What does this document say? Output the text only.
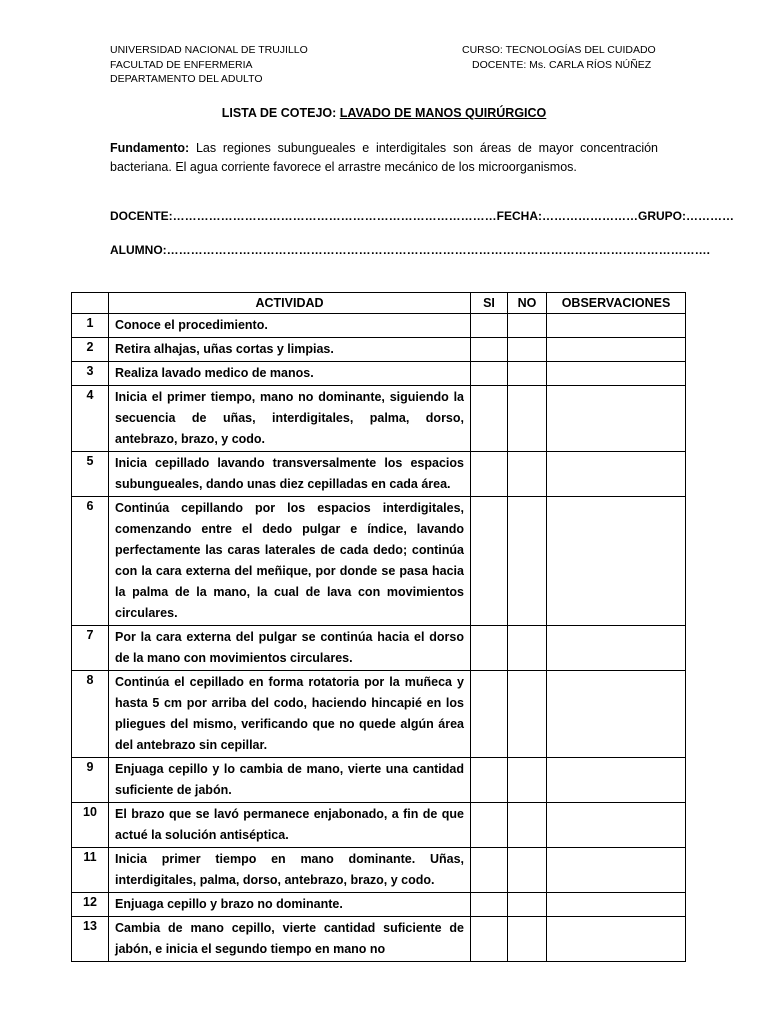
UNIVERSIDAD NACIONAL DE TRUJILLO
FACULTAD DE ENFERMERIA
DEPARTAMENTO DEL ADULTO
CURSO: TECNOLOGÍAS DEL CUIDADO
DOCENTE: Ms. CARLA RÍOS NÚÑEZ
LISTA DE COTEJO: LAVADO DE MANOS QUIRÚRGICO
Fundamento: Las regiones subungueales e interdigitales son áreas de mayor concentración bacteriana. El agua corriente favorece el arrastre mecánico de los microorganismos.
DOCENTE:………………………………………………………………………FECHA:……………………GRUPO:…………
ALUMNO:……………………………………………………………………………………………………………………….
	ACTIVIDAD	SI	NO	OBSERVACIONES
1	Conoce el procedimiento.			
2	Retira alhajas, uñas cortas y limpias.			
3	Realiza lavado medico de manos.			
4	Inicia el primer tiempo, mano no dominante, siguiendo la secuencia de uñas, interdigitales, palma, dorso, antebrazo, brazo, y codo.			
5	Inicia cepillado lavando transversalmente los espacios subungueales, dando unas diez cepilladas en cada área.			
6	Continúa cepillando por los espacios interdigitales, comenzando entre el dedo pulgar e índice, lavando perfectamente las caras laterales de cada dedo; continúa con la cara externa del meñique, por donde se pasa hacia la palma de la mano, la cual de lava con movimientos circulares.			
7	Por la cara externa del pulgar se continúa hacia el dorso de la mano con movimientos circulares.			
8	Continúa el cepillado en forma rotatoria por la muñeca y hasta 5 cm por arriba del codo, haciendo hincapié en los pliegues del mismo, verificando que no quede algún área del antebrazo sin cepillar.			
9	Enjuaga cepillo y lo cambia de mano, vierte una cantidad suficiente de jabón.			
10	El brazo que se lavó permanece enjabonado, a fin de que actué la solución antiséptica.			
11	Inicia primer tiempo en mano dominante. Uñas, interdigitales, palma, dorso, antebrazo, brazo, y codo.			
12	Enjuaga cepillo y brazo no dominante.			
13	Cambia de mano cepillo, vierte cantidad suficiente de jabón, e inicia el segundo tiempo en mano no			
